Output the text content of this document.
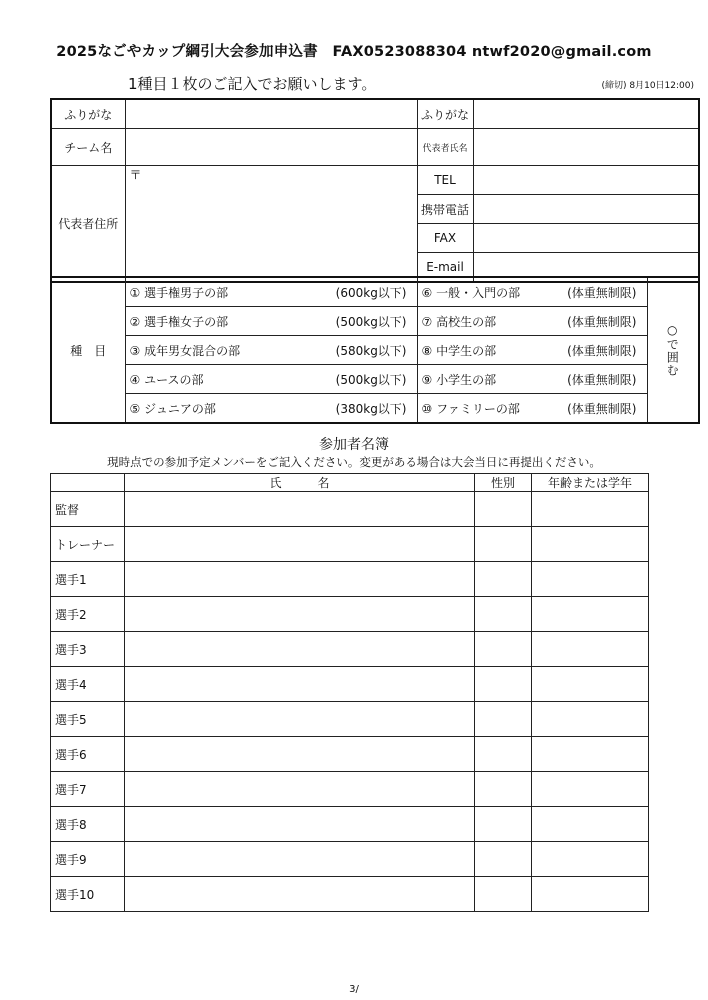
2025なごやカップ綱引大会参加申込書　FAX0523088304 ntwf2020@gmail.com
1種目１枚のご記入でお願いします。	(締切) 8月10日12:00)
ふりがな		ふりがな	
チーム名		代表者氏名	
代表者住所	〒	TEL	
		携帯電話	
		FAX	
		E-mail	
種　目	① 選手権男子の部 (600kg以下)	⑥ 一般・入門の部 (体重無制限)	○で囲む

	② 選手権女子の部 (500kg以下)	⑦ 高校生の部 (体重無制限)	

	③ 成年男女混合の部 (580kg以下)	⑧ 中学生の部 (体重無制限)	

	④ ユースの部 (500kg以下)	⑨ 小学生の部 (体重無制限)	

	⑤ ジュニアの部 (380kg以下)	⑩ ファミリーの部 (体重無制限)	
参加者名簿
現時点での参加予定メンバーをご記入ください。変更がある場合は大会当日に再提出ください。
	氏　　　名	性別	年齢または学年
監督			
トレーナー			
選手1			
選手2			
選手3			
選手4			
選手5			
選手6			
選手7			
選手8			
選手9			
選手10			
3/
